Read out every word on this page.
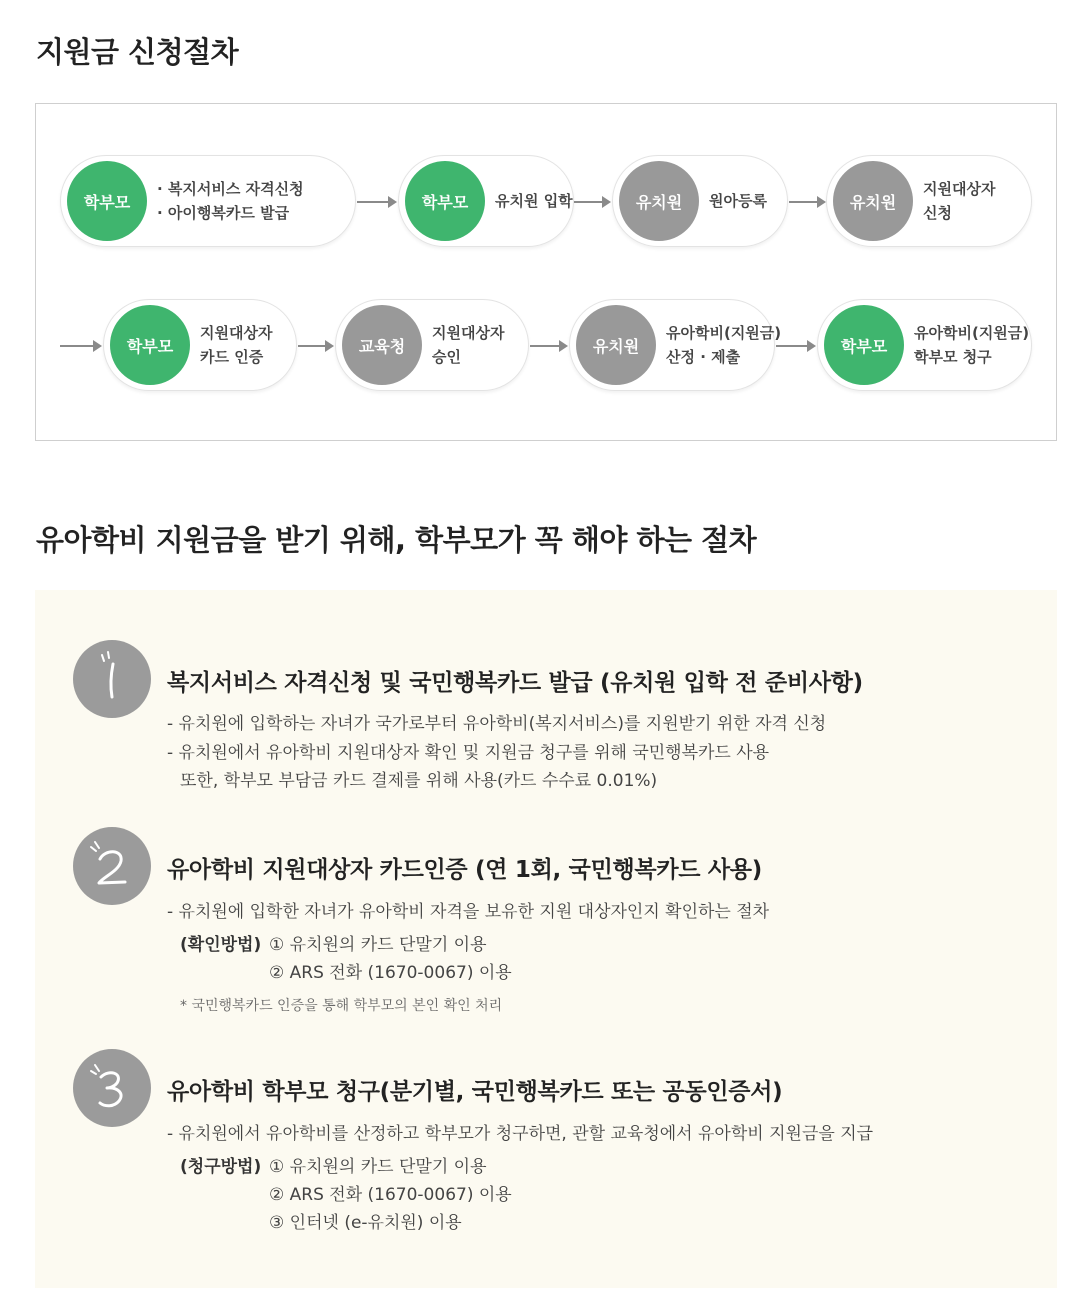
지원금 신청절차
학부모
· 복지서비스 자격신청
· 아이행복카드 발급
학부모	유치원 입학	유치원	원아등록	유치원
지원대상자
신청
학부모
지원대상자
카드 인증
교육청
지원대상자
승인
유치원
유아학비(지원금)
산정 · 제출
학부모
유아학비(지원금)
학부모 청구
유아학비 지원금을 받기 위해, 학부모가 꼭 해야 하는 절차
복지서비스 자격신청 및 국민행복카드 발급 (유치원 입학 전 준비사항)
- 유치원에 입학하는 자녀가 국가로부터 유아학비(복지서비스)를 지원받기 위한 자격 신청
- 유치원에서 유아학비 지원대상자 확인 및 지원금 청구를 위해 국민행복카드 사용
또한, 학부모 부담금 카드 결제를 위해 사용(카드 수수료 0.01%)
유아학비 지원대상자 카드인증 (연 1회, 국민행복카드 사용)
- 유치원에 입학한 자녀가 유아학비 자격을 보유한 지원 대상자인지 확인하는 절차
(확인방법) ① 유치원의 카드 단말기 이용
② ARS 전화 (1670-0067) 이용
* 국민행복카드 인증을 통해 학부모의 본인 확인 처리
유아학비 학부모 청구(분기별, 국민행복카드 또는 공동인증서)
- 유치원에서 유아학비를 산정하고 학부모가 청구하면, 관할 교육청에서 유아학비 지원금을 지급
(청구방법) ① 유치원의 카드 단말기 이용
② ARS 전화 (1670-0067) 이용
③ 인터넷 (e-유치원) 이용
